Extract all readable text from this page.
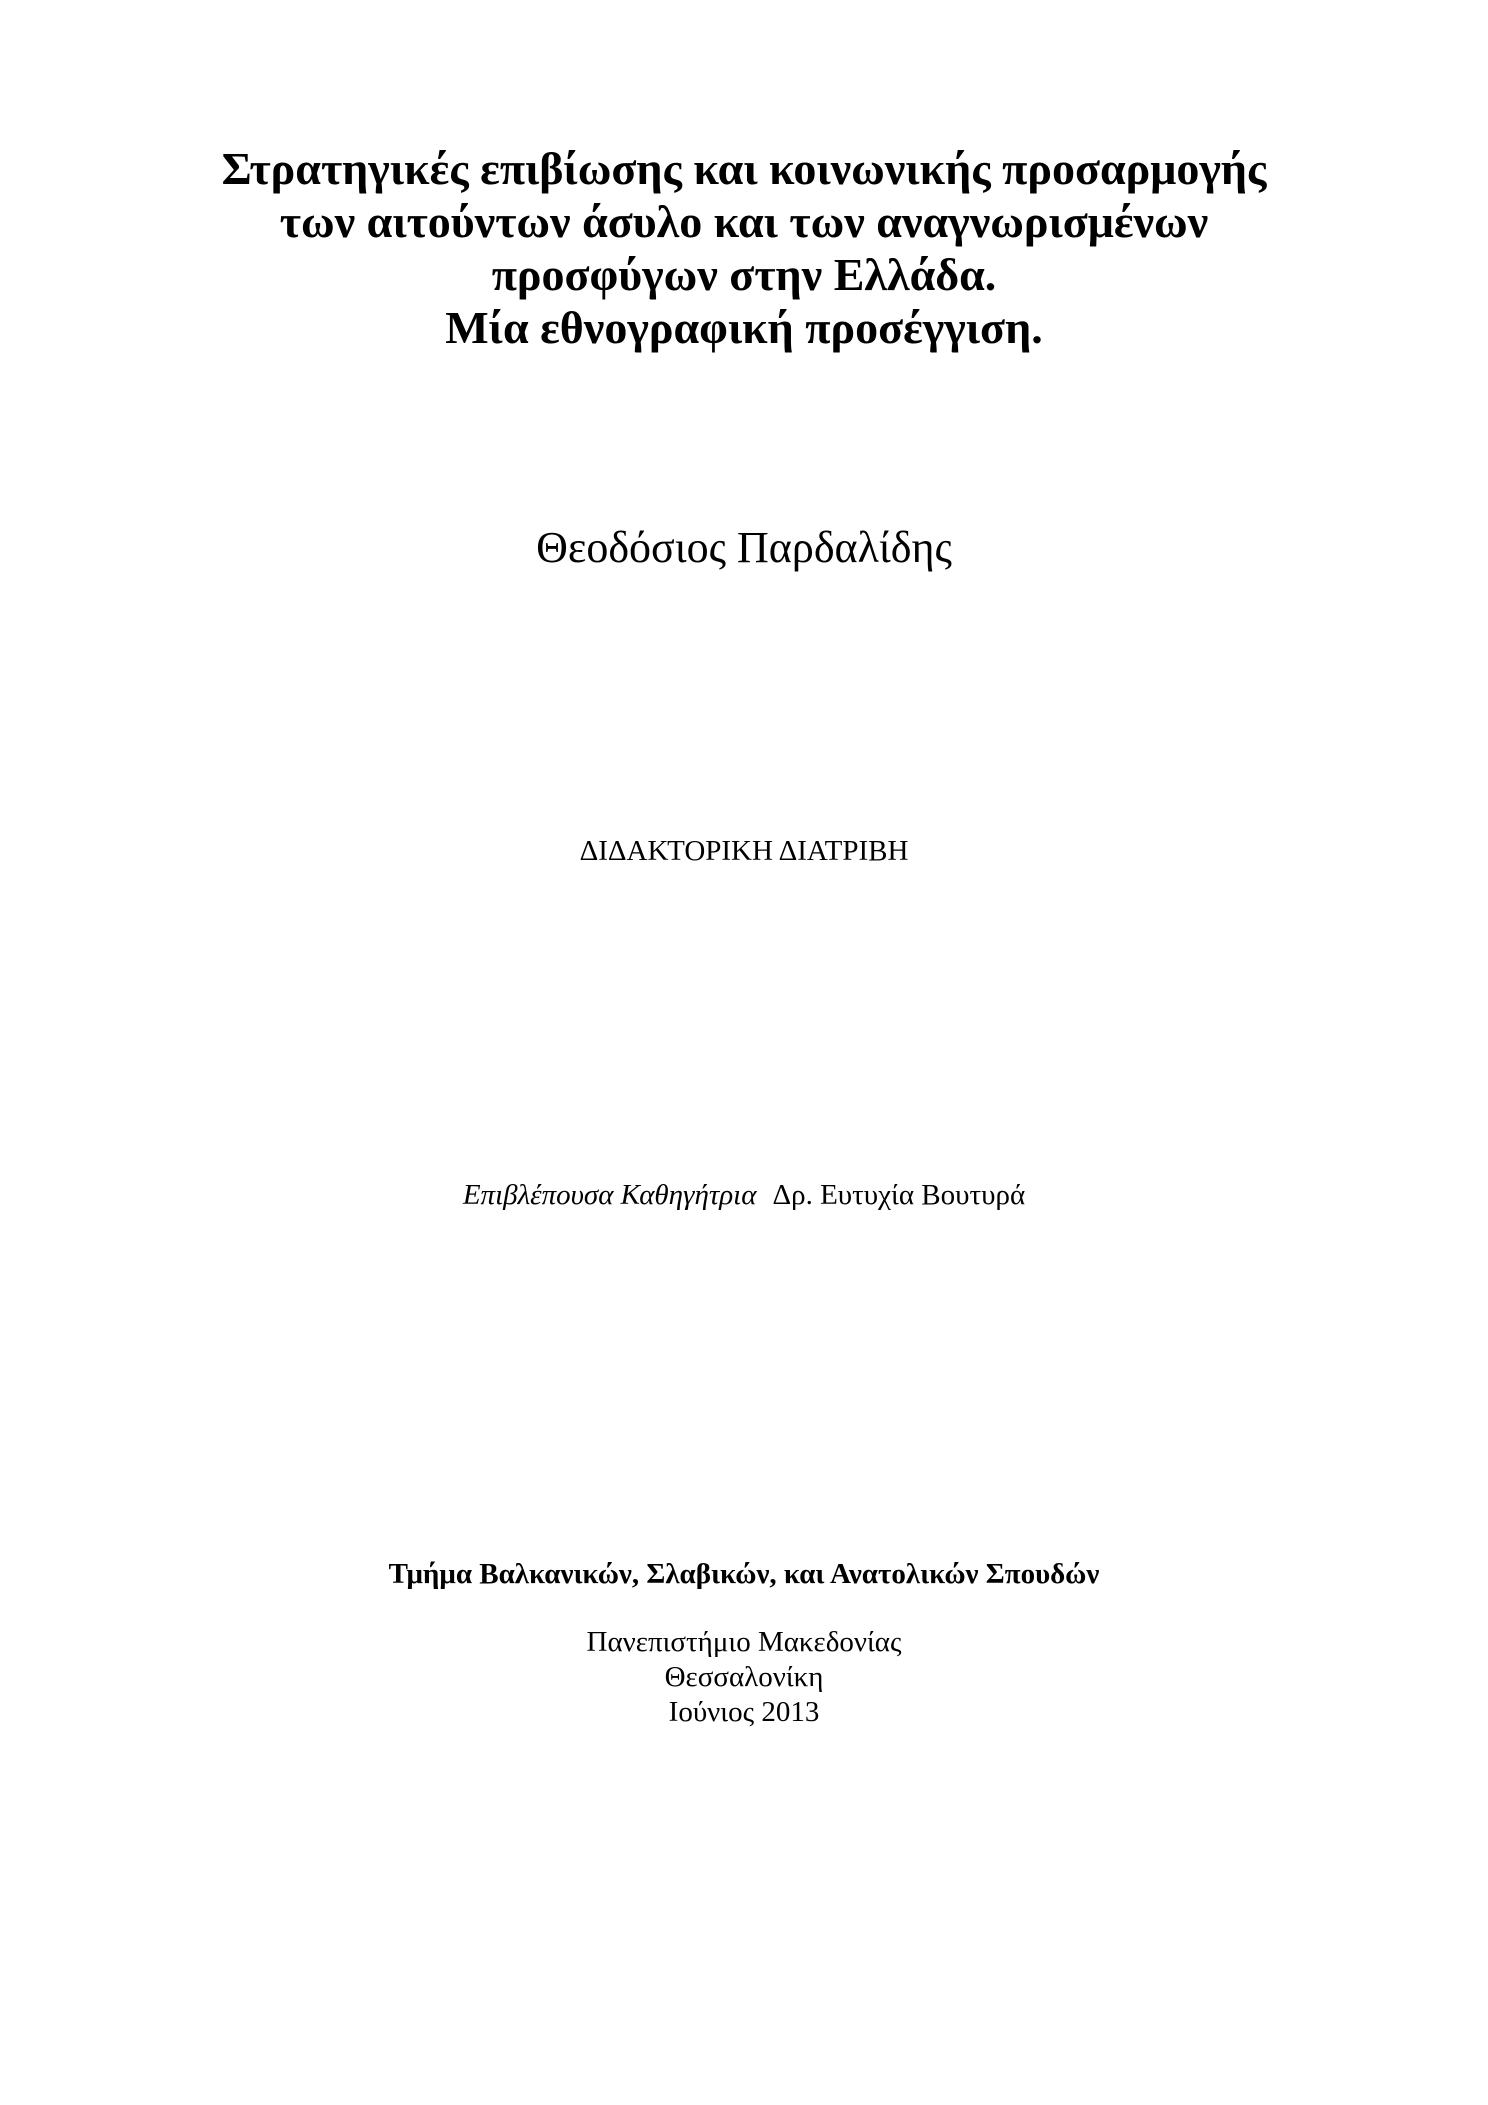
Στρατηγικές επιβίωσης και κοινωνικής προσαρμογής
των αιτούντων άσυλο και των αναγνωρισμένων
προσφύγων στην Ελλάδα.
Μία εθνογραφική προσέγγιση.
Θεοδόσιος Παρδαλίδης
ΔΙΔΑΚΤΟΡΙΚΗ ΔΙΑΤΡΙΒΗ
Επιβλέπουσα Καθηγήτρια Δρ. Ευτυχία Βουτυρά
Τμήμα Βαλκανικών, Σλαβικών, και Ανατολικών Σπουδών
Πανεπιστήμιο Μακεδονίας
Θεσσαλονίκη
Ιούνιος 2013
